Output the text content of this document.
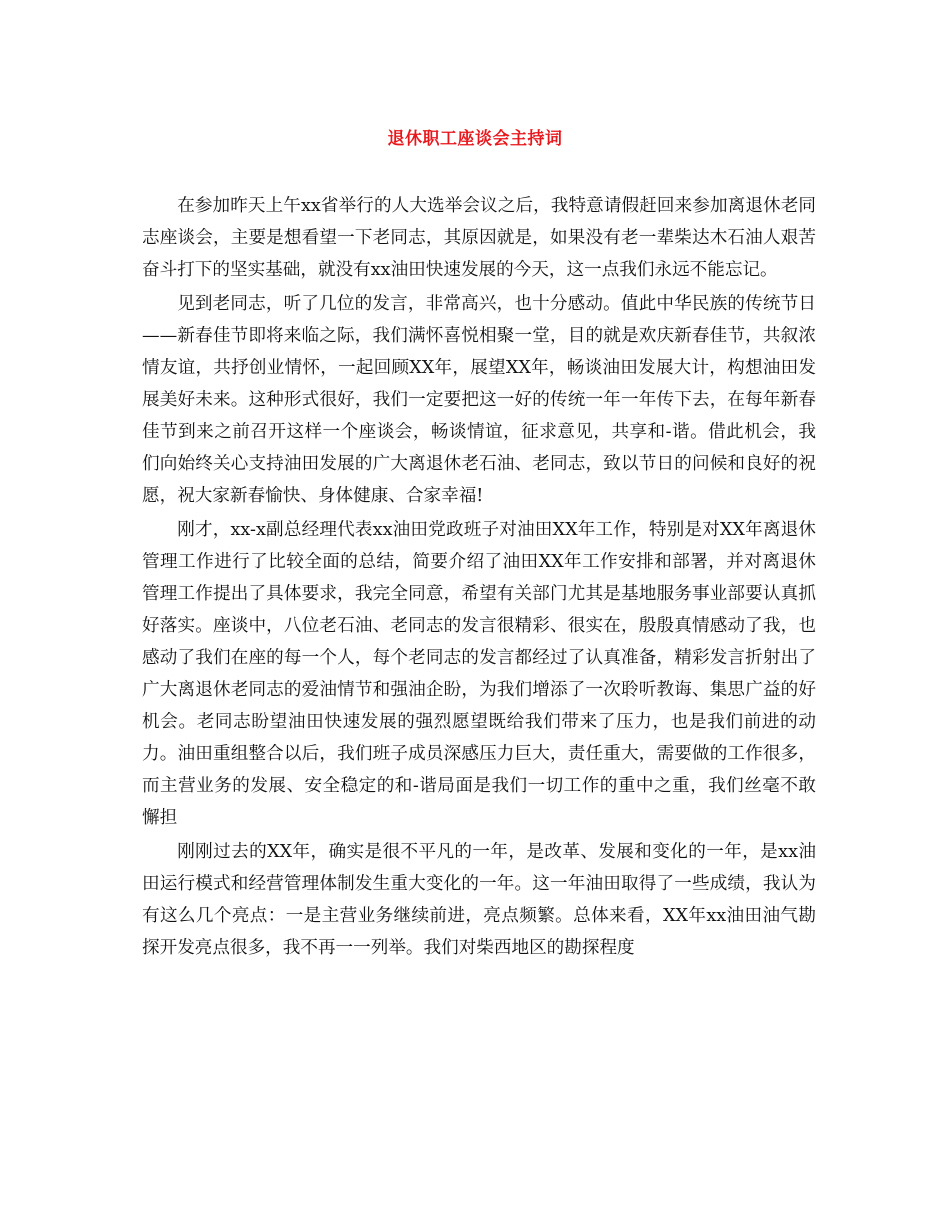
退休职工座谈会主持词

在参加昨天上午xx省举行的人大选举会议之后，我特意请假赶回来参加离退休老同志座谈会，主要是想看望一下老同志，其原因就是，如果没有老一辈柴达木石油人艰苦奋斗打下的坚实基础，就没有xx油田快速发展的今天，这一点我们永远不能忘记。

见到老同志，听了几位的发言，非常高兴，也十分感动。值此中华民族的传统节日——新春佳节即将来临之际，我们满怀喜悦相聚一堂，目的就是欢庆新春佳节，共叙浓情友谊，共抒创业情怀，一起回顾XX年，展望XX年，畅谈油田发展大计，构想油田发展美好未来。这种形式很好，我们一定要把这一好的传统一年一年传下去，在每年新春佳节到来之前召开这样一个座谈会，畅谈情谊，征求意见，共享和-谐。借此机会，我们向始终关心支持油田发展的广大离退休老石油、老同志，致以节日的问候和良好的祝愿，祝大家新春愉快、身体健康、合家幸福!

刚才，xx-x副总经理代表xx油田党政班子对油田XX年工作，特别是对XX年离退休管理工作进行了比较全面的总结，简要介绍了油田XX年工作安排和部署，并对离退休管理工作提出了具体要求，我完全同意，希望有关部门尤其是基地服务事业部要认真抓好落实。座谈中，八位老石油、老同志的发言很精彩、很实在，殷殷真情感动了我，也感动了我们在座的每一个人，每个老同志的发言都经过了认真准备，精彩发言折射出了广大离退休老同志的爱油情节和强油企盼，为我们增添了一次聆听教诲、集思广益的好机会。老同志盼望油田快速发展的强烈愿望既给我们带来了压力，也是我们前进的动力。油田重组整合以后，我们班子成员深感压力巨大，责任重大，需要做的工作很多，而主营业务的发展、安全稳定的和-谐局面是我们一切工作的重中之重，我们丝毫不敢懈担

刚刚过去的XX年，确实是很不平凡的一年，是改革、发展和变化的一年，是xx油田运行模式和经营管理体制发生重大变化的一年。这一年油田取得了一些成绩，我认为有这么几个亮点：一是主营业务继续前进，亮点频繁。总体来看，XX年xx油田油气勘探开发亮点很多，我不再一一列举。我们对柴西地区的勘探程度
